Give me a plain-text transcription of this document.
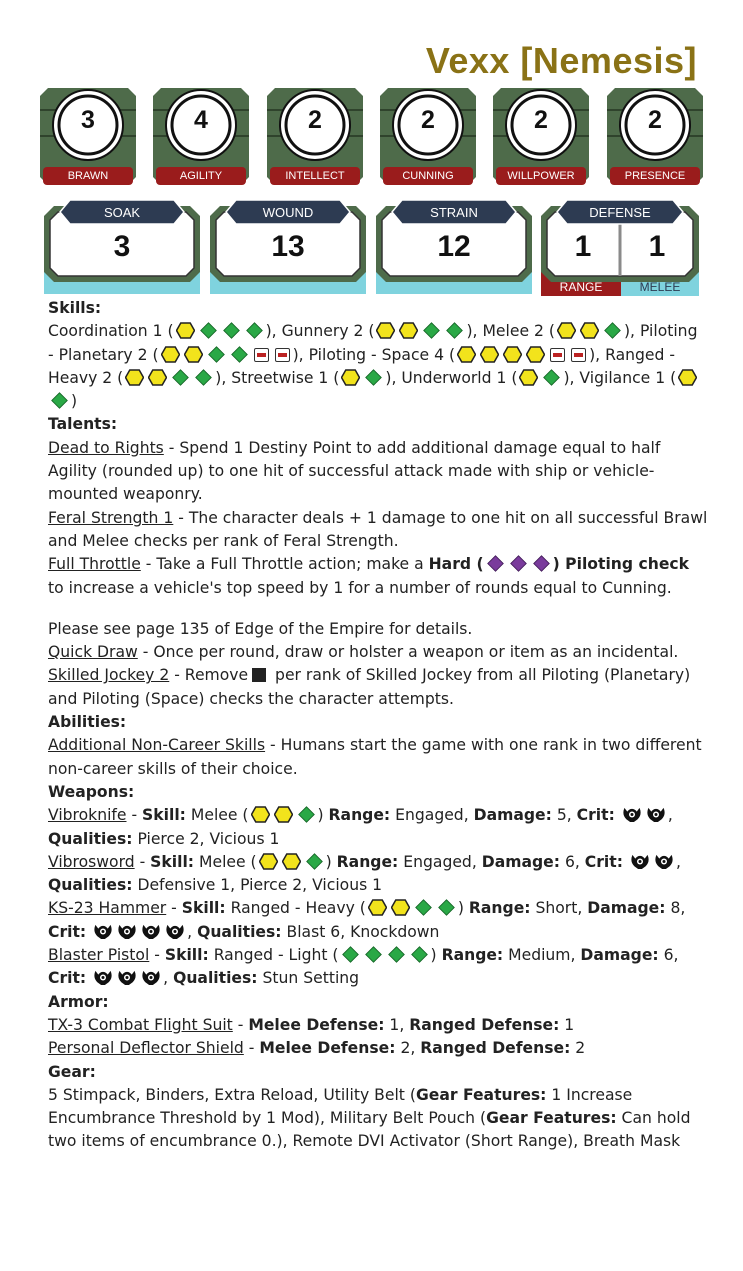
Vexx [Nemesis]
3
BRAWN
4
AGILITY
2
INTELLECT
2
CUNNING
2
WILLPOWER
2
PRESENCE
SOAK
3
WOUND
13
STRAIN
12
DEFENSE
1	1
RANGE	MELEE

Skills:

Coordination 1 (	), Gunnery 2 (	), Melee 2 (	), Piloting - Planetary 2 (	), Piloting - Space 4 (	), Ranged - Heavy 2 (	), Streetwise 1 (	), Underworld 1 (	), Vigilance 1 ()

Talents:

Dead to Rights - Spend 1 Destiny Point to add additional damage equal to half Agility (rounded up) to one hit of successful attack made with ship or vehicle-mounted weaponry.

Feral Strength 1 - The character deals + 1 damage to one hit on all successful Brawl and Melee checks per rank of Feral Strength.

Full Throttle - Take a Full Throttle action; make a Hard (	) Piloting check to increase a vehicle's top speed by 1 for a number of rounds equal to Cunning.

Please see page 135 of Edge of the Empire for details.

Quick Draw - Once per round, draw or holster a weapon or item as an incidental.

Skilled Jockey 2 - Remove per rank of Skilled Jockey from all Piloting (Planetary) and Piloting (Space) checks the character attempts.

Abilities:

Additional Non-Career Skills - Humans start the game with one rank in two different non-career skills of their choice.

Weapons:

Vibroknife - Skill: Melee (	) Range: Engaged, Damage: 5, Crit:	, Qualities: Pierce 2, Vicious 1

Vibrosword - Skill: Melee (	) Range: Engaged, Damage: 6, Crit:	, Qualities: Defensive 1, Pierce 2, Vicious 1

KS-23 Hammer - Skill: Ranged - Heavy (	) Range: Short, Damage: 8, Crit:	, Qualities: Blast 6, Knockdown

Blaster Pistol - Skill: Ranged - Light (	) Range: Medium, Damage: 6, Crit:	, Qualities: Stun Setting

Armor:

TX-3 Combat Flight Suit - Melee Defense: 1, Ranged Defense: 1

Personal Deflector Shield - Melee Defense: 2, Ranged Defense: 2

Gear:

5 Stimpack, Binders, Extra Reload, Utility Belt (Gear Features: 1 Increase Encumbrance Threshold by 1 Mod), Military Belt Pouch (Gear Features: Can hold two items of encumbrance 0.), Remote DVI Activator (Short Range), Breath Mask
